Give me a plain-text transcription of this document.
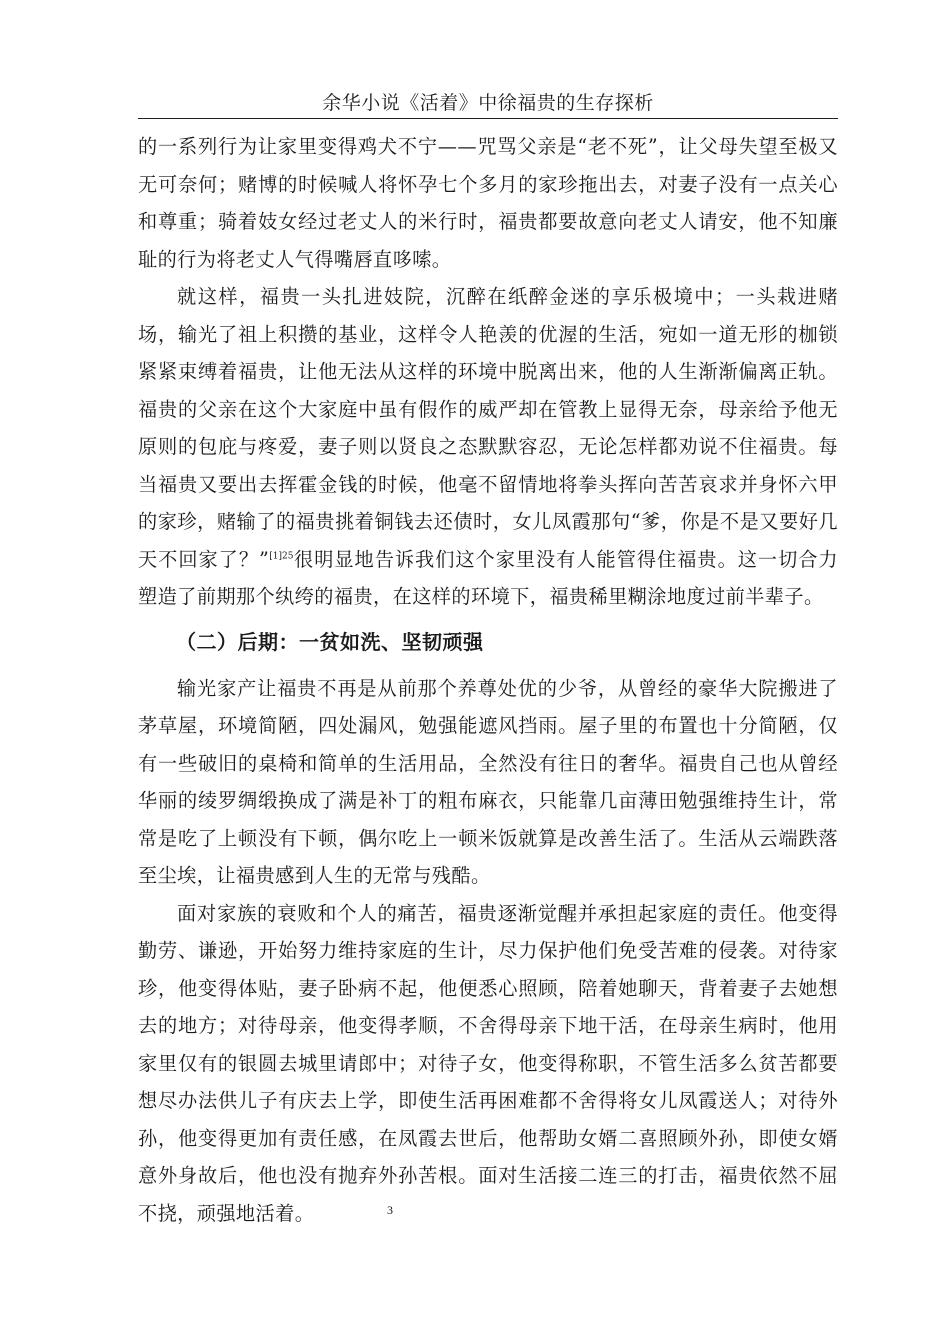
余华小说《活着》中徐福贵的生存探析

的一系列行为让家里变得鸡犬不宁——咒骂父亲是“老不死”，让父母失望至极又无可奈何；赌博的时候喊人将怀孕七个多月的家珍拖出去，对妻子没有一点关心和尊重；骑着妓女经过老丈人的米行时，福贵都要故意向老丈人请安，他不知廉耻的行为将老丈人气得嘴唇直哆嗦。

就这样，福贵一头扎进妓院，沉醉在纸醉金迷的享乐极境中；一头栽进赌场，输光了祖上积攒的基业，这样令人艳羡的优渥的生活，宛如一道无形的枷锁紧紧束缚着福贵，让他无法从这样的环境中脱离出来，他的人生渐渐偏离正轨。福贵的父亲在这个大家庭中虽有假作的威严却在管教上显得无奈，母亲给予他无原则的包庇与疼爱，妻子则以贤良之态默默容忍，无论怎样都劝说不住福贵。每当福贵又要出去挥霍金钱的时候，他毫不留情地将拳头挥向苦苦哀求并身怀六甲的家珍，赌输了的福贵挑着铜钱去还债时，女儿凤霞那句“爹，你是不是又要好几天不回家了？”$^{[1]25}$很明显地告诉我们这个家里没有人能管得住福贵。这一切合力塑造了前期那个纨绔的福贵，在这样的环境下，福贵稀里糊涂地度过前半辈子。

（二）后期：一贫如洗、坚韧顽强

输光家产让福贵不再是从前那个养尊处优的少爷，从曾经的豪华大院搬进了茅草屋，环境简陋，四处漏风，勉强能遮风挡雨。屋子里的布置也十分简陋，仅有一些破旧的桌椅和简单的生活用品，全然没有往日的奢华。福贵自己也从曾经华丽的绫罗绸缎换成了满是补丁的粗布麻衣，只能靠几亩薄田勉强维持生计，常常是吃了上顿没有下顿，偶尔吃上一顿米饭就算是改善生活了。生活从云端跌落至尘埃，让福贵感到人生的无常与残酷。

面对家族的衰败和个人的痛苦，福贵逐渐觉醒并承担起家庭的责任。他变得勤劳、谦逊，开始努力维持家庭的生计，尽力保护他们免受苦难的侵袭。对待家珍，他变得体贴，妻子卧病不起，他便悉心照顾，陪着她聊天，背着妻子去她想去的地方；对待母亲，他变得孝顺，不舍得母亲下地干活，在母亲生病时，他用家里仅有的银圆去城里请郎中；对待子女，他变得称职，不管生活多么贫苦都要想尽办法供儿子有庆去上学，即使生活再困难都不舍得将女儿凤霞送人；对待外孙，他变得更加有责任感，在凤霞去世后，他帮助女婿二喜照顾外孙，即使女婿意外身故后，他也没有抛弃外孙苦根。面对生活接二连三的打击，福贵依然不屈不挠，顽强地活着。	3
